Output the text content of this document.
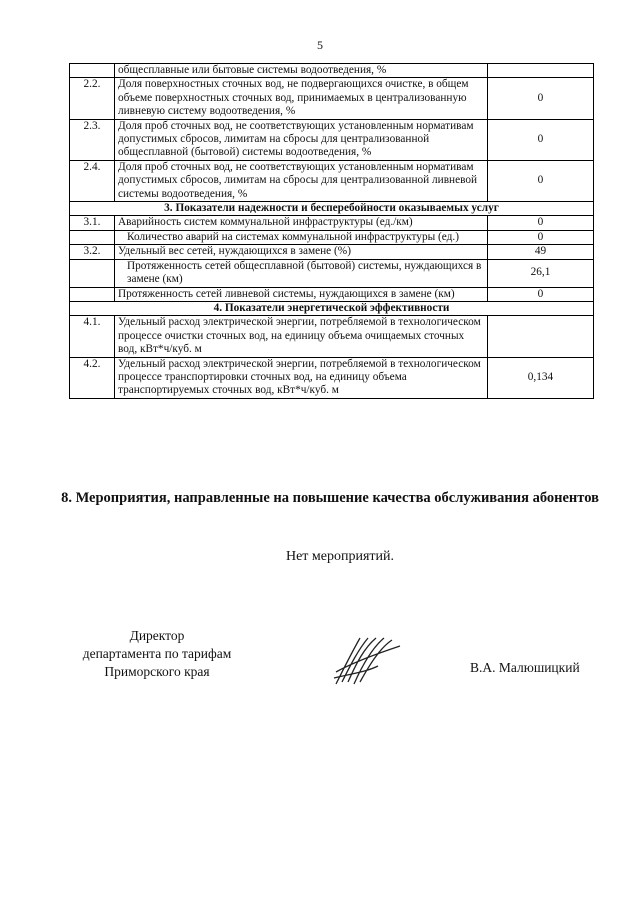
5
	общесплавные или бытовые системы водоотведения, %	
2.2.	Доля поверхностных сточных вод, не подвергающихся очистке, в общем объеме поверхностных сточных вод, принимаемых в централизованную ливневую систему водоотведения, %	0
2.3.	Доля проб сточных вод, не соответствующих установленным нормативам допустимых сбросов, лимитам на сбросы для централизованной общесплавной (бытовой) системы водоотведения, %	0
2.4.	Доля проб сточных вод, не соответствующих установленным нормативам допустимых сбросов, лимитам на сбросы для централизованной ливневой системы водоотведения, %	0
3. Показатели надежности и бесперебойности оказываемых услуг		
3.1.	Аварийность систем коммунальной инфраструктуры (ед./км)	0
	Количество аварий на системах коммунальной инфраструктуры (ед.)	0
3.2.	Удельный вес сетей, нуждающихся в замене (%)	49
	Протяженность сетей общесплавной (бытовой) системы, нуждающихся в замене (км)	26,1
	Протяженность сетей ливневой системы, нуждающихся в замене (км)	0
4. Показатели энергетической эффективности		
4.1.	Удельный расход электрической энергии, потребляемой в технологическом процессе очистки сточных вод, на единицу объема очищаемых сточных вод, кВт*ч/куб. м	
4.2.	Удельный расход электрической энергии, потребляемой в технологическом процессе транспортировки сточных вод, на единицу объема транспортируемых сточных вод, кВт*ч/куб. м	0,134
8. Мероприятия, направленные на повышение качества обслуживания абонентов
Нет мероприятий.
Директор
департамента по тарифам
Приморского края	В.А. Малюшицкий
